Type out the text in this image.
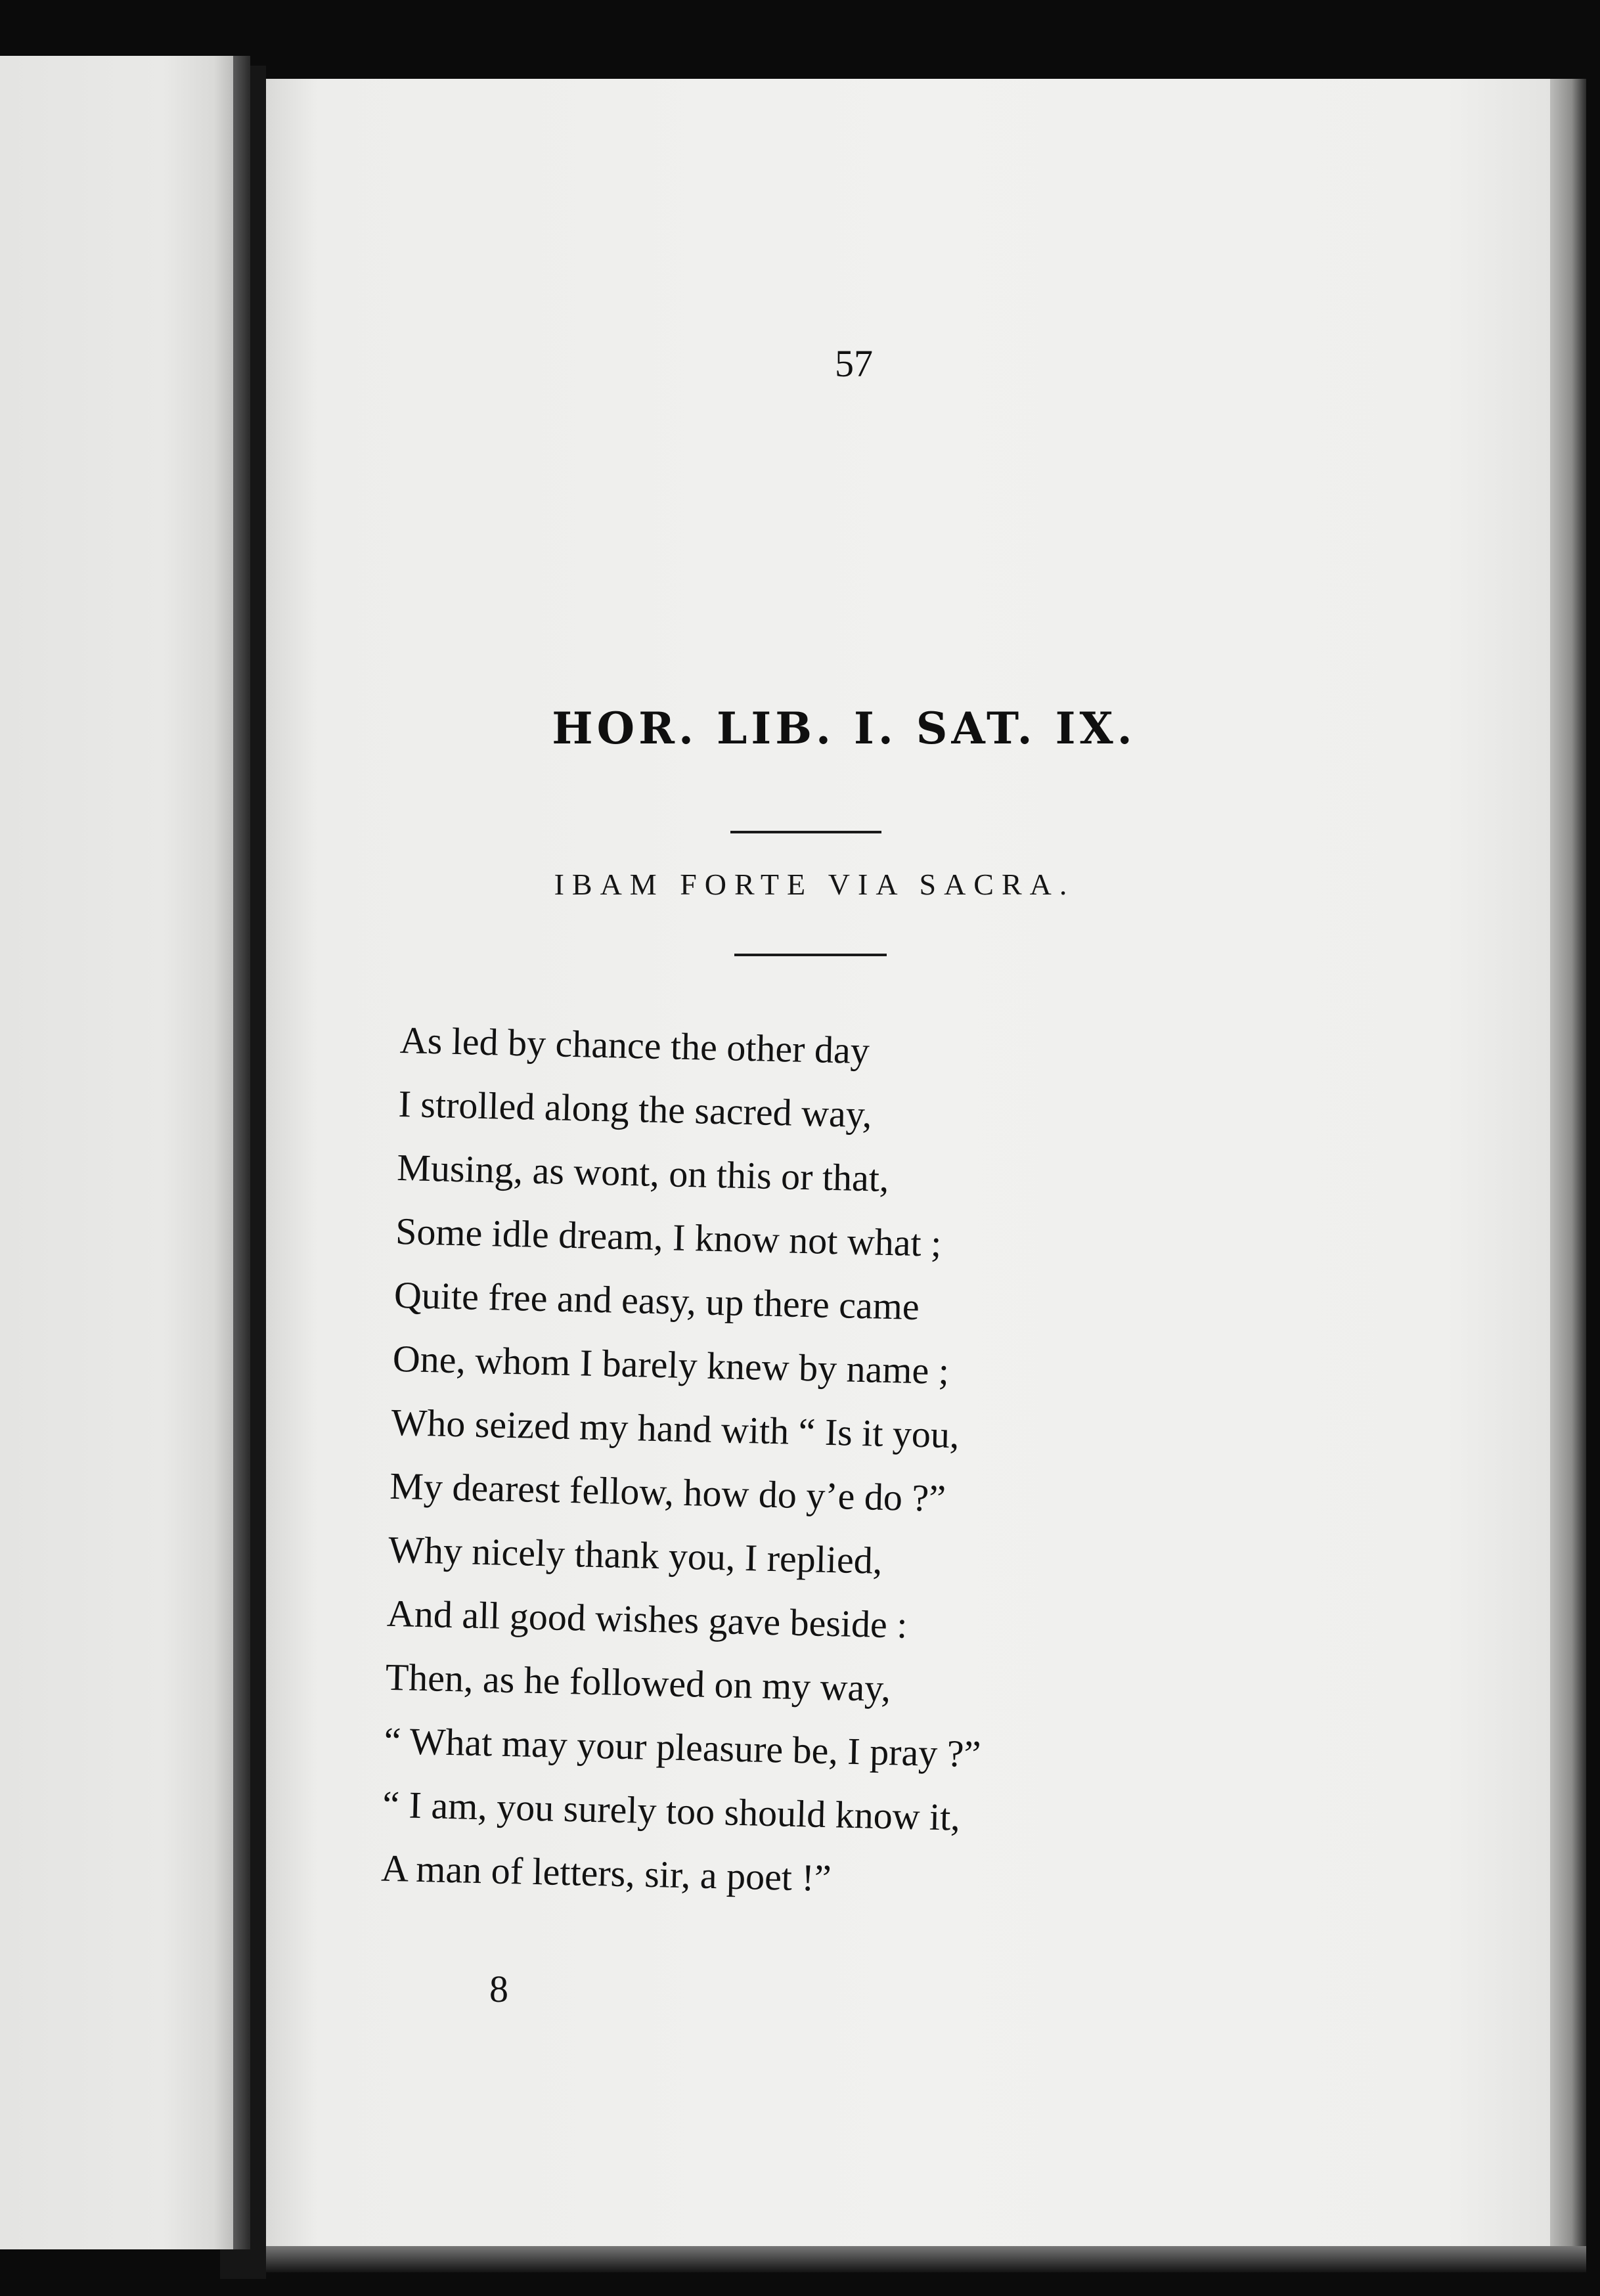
57
HOR. LIB. I. SAT. IX.
IBAM FORTE VIA SACRA.
As led by chance the other day
I strolled along the sacred way,
Musing, as wont, on this or that,
Some idle dream, I know not what ;
Quite free and easy, up there came
One, whom I barely knew by name ;
Who seized my hand with “ Is it you,
My dearest fellow, how do y’e do ?”
Why nicely thank you, I replied,
And all good wishes gave beside :
Then, as he followed on my way,
“ What may your pleasure be, I pray ?”
“ I am, you surely too should know it,
A man of letters, sir, a poet !”
8
